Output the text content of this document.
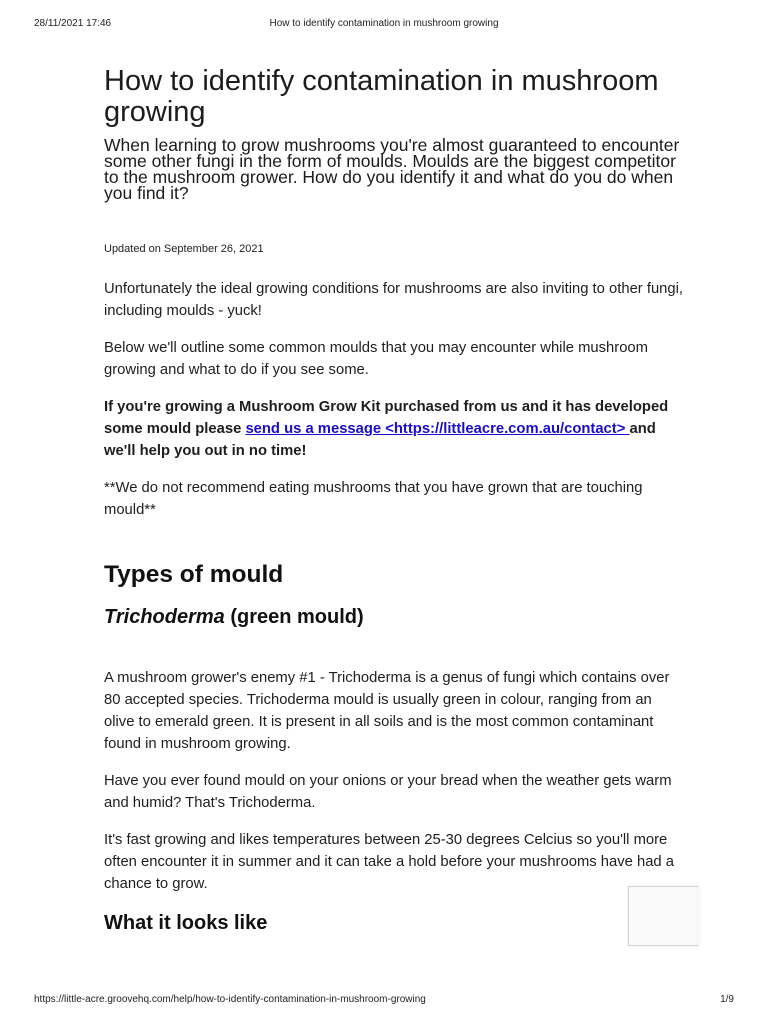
How to identify contamination in mushroom growing
28/11/2021 17:46
How to identify contamination in mushroom growing

When learning to grow mushrooms you're almost guaranteed to encounter some other fungi in the form of moulds. Moulds are the biggest competitor to the mushroom grower. How do you identify it and what do you do when you find it?

Updated on September 26, 2021

Unfortunately the ideal growing conditions for mushrooms are also inviting to other fungi, including moulds - yuck!

Below we'll outline some common moulds that you may encounter while mushroom growing and what to do if you see some.

If you're growing a Mushroom Grow Kit purchased from us and it has developed some mould please send us a message <https://littleacre.com.au/contact> and we'll help you out in no time!

**We do not recommend eating mushrooms that you have grown that are touching mould**

Types of mould
Trichoderma (green mould)

A mushroom grower's enemy #1 - Trichoderma is a genus of fungi which contains over 80 accepted species. Trichoderma mould is usually green in colour, ranging from an olive to emerald green. It is present in all soils and is the most common contaminant found in mushroom growing.

Have you ever found mould on your onions or your bread when the weather gets warm and humid? That's Trichoderma.

It's fast growing and likes temperatures between 25-30 degrees Celcius so you'll more often encounter it in summer and it can take a hold before your mushrooms have had a chance to grow.

What it looks like
https://little-acre.groovehq.com/help/how-to-identify-contamination-in-mushroom-growing	1/9
